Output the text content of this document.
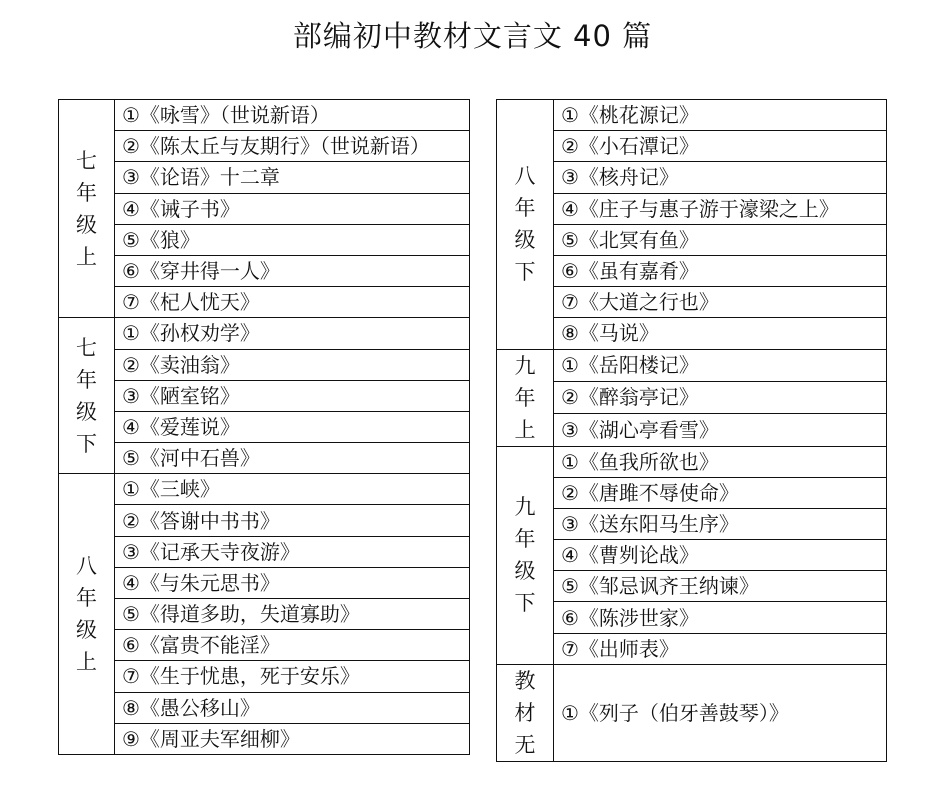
部编初中教材文言文 40 篇
七
年
级
上	①《咏雪》（世说新语）
	②《陈太丘与友期行》（世说新语）
	③《论语》十二章
	④《诫子书》
	⑤《狼》
	⑥《穿井得一人》
	⑦《杞人忧天》

七
年
级
下	①《孙权劝学》
	②《卖油翁》
	③《陋室铭》
	④《爱莲说》
	⑤《河中石兽》

八
年
级
上	①《三峡》
	②《答谢中书书》
	③《记承天寺夜游》
	④《与朱元思书》
	⑤《得道多助，失道寡助》
	⑥《富贵不能淫》
	⑦《生于忧患，死于安乐》
	⑧《愚公移山》
	⑨《周亚夫军细柳》
八
年
级
下	①《桃花源记》
	②《小石潭记》
	③《核舟记》
	④《庄子与惠子游于濠梁之上》
	⑤《北冥有鱼》
	⑥《虽有嘉肴》
	⑦《大道之行也》
	⑧《马说》

九
年
上	①《岳阳楼记》
	②《醉翁亭记》
	③《湖心亭看雪》

九
年
级
下	①《鱼我所欲也》
	②《唐雎不辱使命》
	③《送东阳马生序》
	④《曹刿论战》
	⑤《邹忌讽齐王纳谏》
	⑥《陈涉世家》
	⑦《出师表》

教
材
无	①《列子（伯牙善鼓琴）》
